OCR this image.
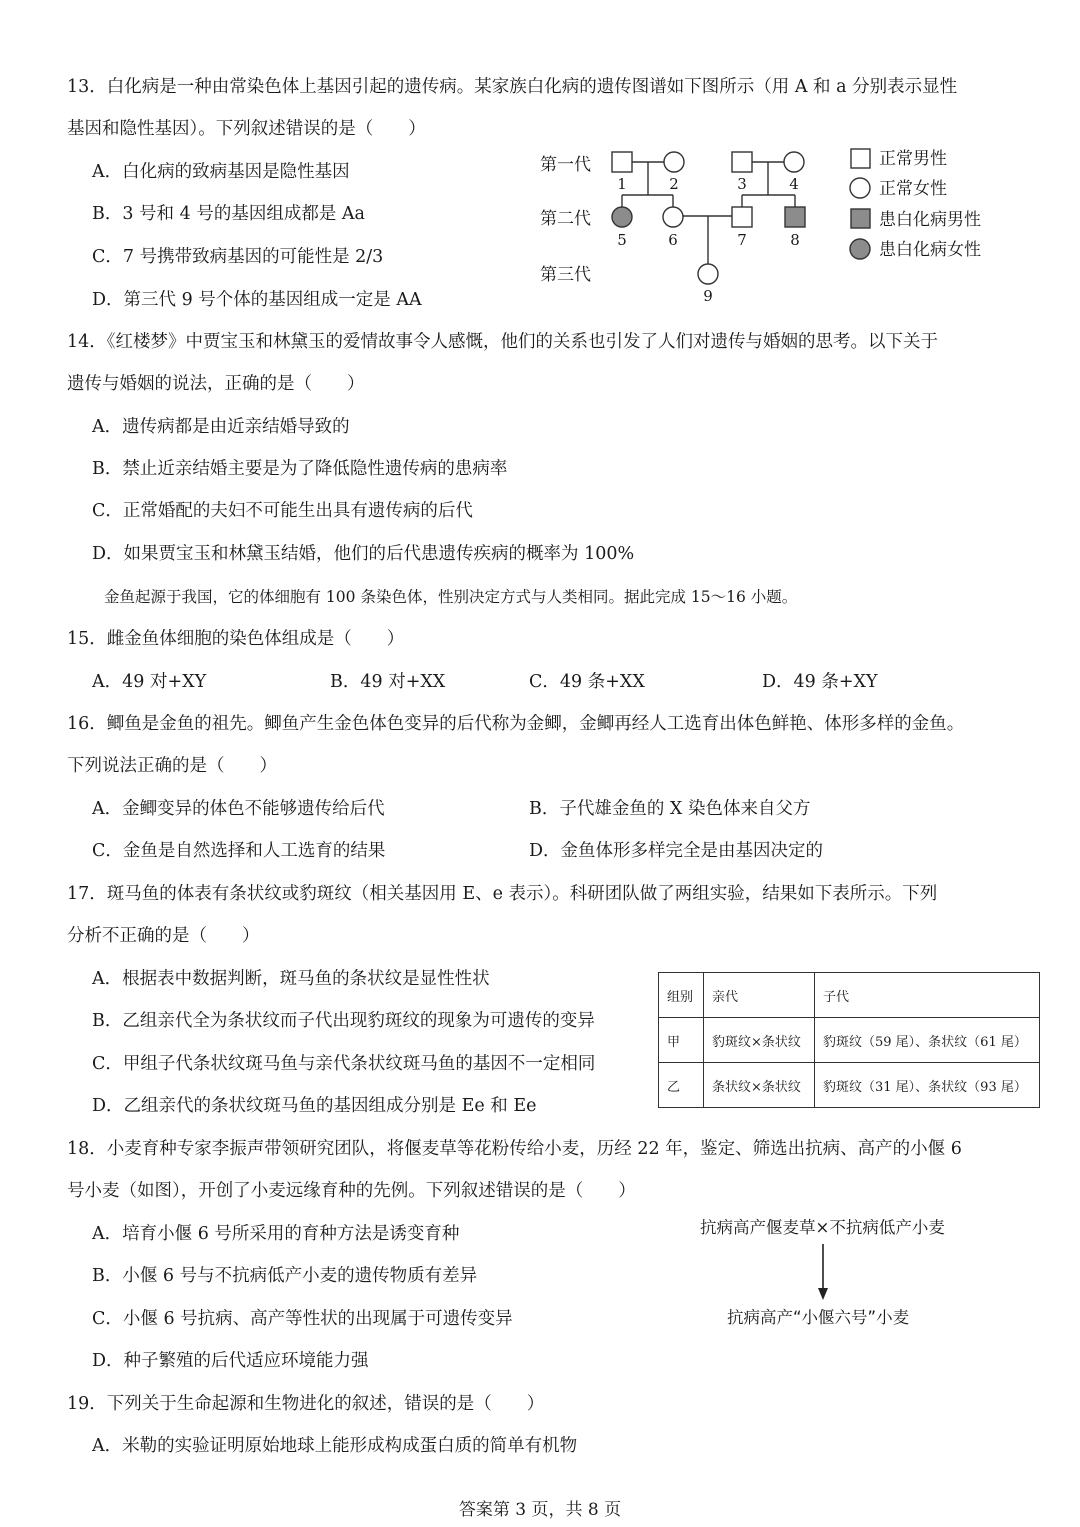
13．白化病是一种由常染色体上基因引起的遗传病。某家族白化病的遗传图谱如下图所示（用 A 和 a 分别表示显性
基因和隐性基因）。下列叙述错误的是（　　）
A．白化病的致病基因是隐性基因
B．3 号和 4 号的基因组成都是 Aa
C．7 号携带致病基因的可能性是 2/3
D．第三代 9 号个体的基因组成一定是 AA
第一代
第二代
第三代
1	2	3	4
5	6	7	8
9
正常男性
正常女性
患白化病男性
患白化病女性
14．《红楼梦》中贾宝玉和林黛玉的爱情故事令人感慨，他们的关系也引发了人们对遗传与婚姻的思考。以下关于
遗传与婚姻的说法，正确的是（　　）
A．遗传病都是由近亲结婚导致的
B．禁止近亲结婚主要是为了降低隐性遗传病的患病率
C．正常婚配的夫妇不可能生出具有遗传病的后代
D．如果贾宝玉和林黛玉结婚，他们的后代患遗传疾病的概率为 100%
金鱼起源于我国，它的体细胞有 100 条染色体，性别决定方式与人类相同。据此完成 15～16 小题。
15．雌金鱼体细胞的染色体组成是（　　）
A．49 对+XY	B．49 对+XX	C．49 条+XX	D．49 条+XY
16．鲫鱼是金鱼的祖先。鲫鱼产生金色体色变异的后代称为金鲫，金鲫再经人工选育出体色鲜艳、体形多样的金鱼。
下列说法正确的是（　　）
A．金鲫变异的体色不能够遗传给后代	B．子代雄金鱼的 X 染色体来自父方
C．金鱼是自然选择和人工选育的结果	D．金鱼体形多样完全是由基因决定的
17．斑马鱼的体表有条状纹或豹斑纹（相关基因用 E、e 表示）。科研团队做了两组实验，结果如下表所示。下列
分析不正确的是（　　）
A．根据表中数据判断，斑马鱼的条状纹是显性性状
B．乙组亲代全为条状纹而子代出现豹斑纹的现象为可遗传的变异
C．甲组子代条状纹斑马鱼与亲代条状纹斑马鱼的基因不一定相同
D．乙组亲代的条状纹斑马鱼的基因组成分别是 Ee 和 Ee
组别	亲代	子代
甲	豹斑纹×条状纹	豹斑纹（59 尾）、条状纹（61 尾）
乙	条状纹×条状纹	豹斑纹（31 尾）、条状纹（93 尾）
18．小麦育种专家李振声带领研究团队，将偃麦草等花粉传给小麦，历经 22 年，鉴定、筛选出抗病、高产的小偃 6
号小麦（如图），开创了小麦远缘育种的先例。下列叙述错误的是（　　）
A．培育小偃 6 号所采用的育种方法是诱变育种
B．小偃 6 号与不抗病低产小麦的遗传物质有差异
C．小偃 6 号抗病、高产等性状的出现属于可遗传变异
D．种子繁殖的后代适应环境能力强
抗病高产偃麦草×不抗病低产小麦
抗病高产“小偃六号”小麦
19．下列关于生命起源和生物进化的叙述，错误的是（　　）
A．米勒的实验证明原始地球上能形成构成蛋白质的简单有机物
答案第 3 页，共 8 页
